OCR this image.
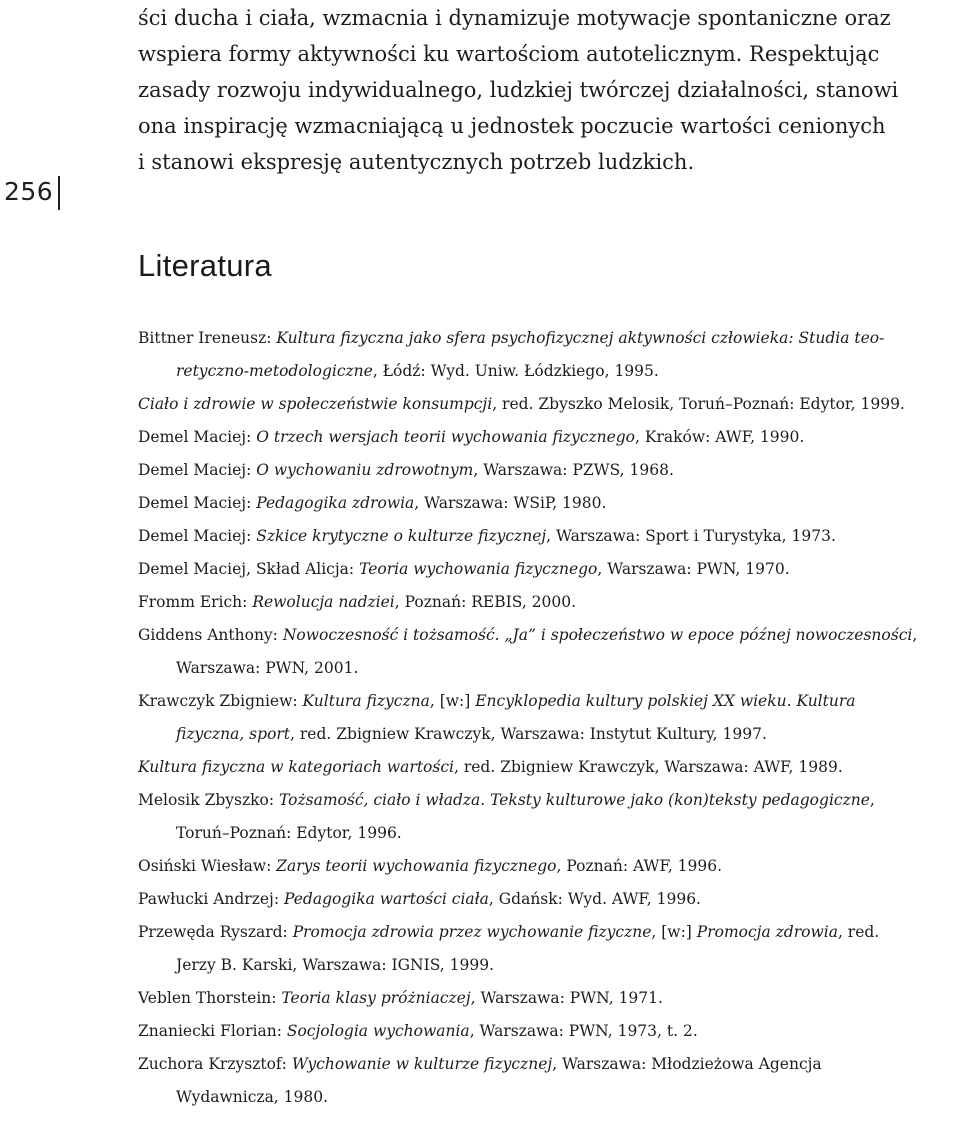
256
ści ducha i ciała, wzmacnia i dynamizuje motywacje spontaniczne oraz
wspiera formy aktywności ku wartościom autotelicznym. Respektując
zasady rozwoju indywidualnego, ludzkiej twórczej działalności, stanowi
ona inspirację wzmacniającą u jednostek poczucie wartości cenionych
i stanowi ekspresję autentycznych potrzeb ludzkich.
Literatura
Bittner Ireneusz: Kultura fizyczna jako sfera psychofizycznej aktywności człowieka: Studia teo-
retyczno-metodologiczne, Łódź: Wyd. Uniw. Łódzkiego, 1995.
Ciało i zdrowie w społeczeństwie konsumpcji, red. Zbyszko Melosik, Toruń–Poznań: Edytor, 1999.
Demel Maciej: O trzech wersjach teorii wychowania fizycznego, Kraków: AWF, 1990.
Demel Maciej: O wychowaniu zdrowotnym, Warszawa: PZWS, 1968.
Demel Maciej: Pedagogika zdrowia, Warszawa: WSiP, 1980.
Demel Maciej: Szkice krytyczne o kulturze fizycznej, Warszawa: Sport i Turystyka, 1973.
Demel Maciej, Skład Alicja: Teoria wychowania fizycznego, Warszawa: PWN, 1970.
Fromm Erich: Rewolucja nadziei, Poznań: REBIS, 2000.
Giddens Anthony: Nowoczesność i tożsamość. „Ja” i społeczeństwo w epoce późnej nowoczesności,
Warszawa: PWN, 2001.
Krawczyk Zbigniew: Kultura fizyczna, [w:] Encyklopedia kultury polskiej XX wieku. Kultura
fizyczna, sport, red. Zbigniew Krawczyk, Warszawa: Instytut Kultury, 1997.
Kultura fizyczna w kategoriach wartości, red. Zbigniew Krawczyk, Warszawa: AWF, 1989.
Melosik Zbyszko: Tożsamość, ciało i władza. Teksty kulturowe jako (kon)teksty pedagogiczne,
Toruń–Poznań: Edytor, 1996.
Osiński Wiesław: Zarys teorii wychowania fizycznego, Poznań: AWF, 1996.
Pawłucki Andrzej: Pedagogika wartości ciała, Gdańsk: Wyd. AWF, 1996.
Przewęda Ryszard: Promocja zdrowia przez wychowanie fizyczne, [w:] Promocja zdrowia, red.
Jerzy B. Karski, Warszawa: IGNIS, 1999.
Veblen Thorstein: Teoria klasy próżniaczej, Warszawa: PWN, 1971.
Znaniecki Florian: Socjologia wychowania, Warszawa: PWN, 1973, t. 2.
Zuchora Krzysztof: Wychowanie w kulturze fizycznej, Warszawa: Młodzieżowa Agencja
Wydawnicza, 1980.
